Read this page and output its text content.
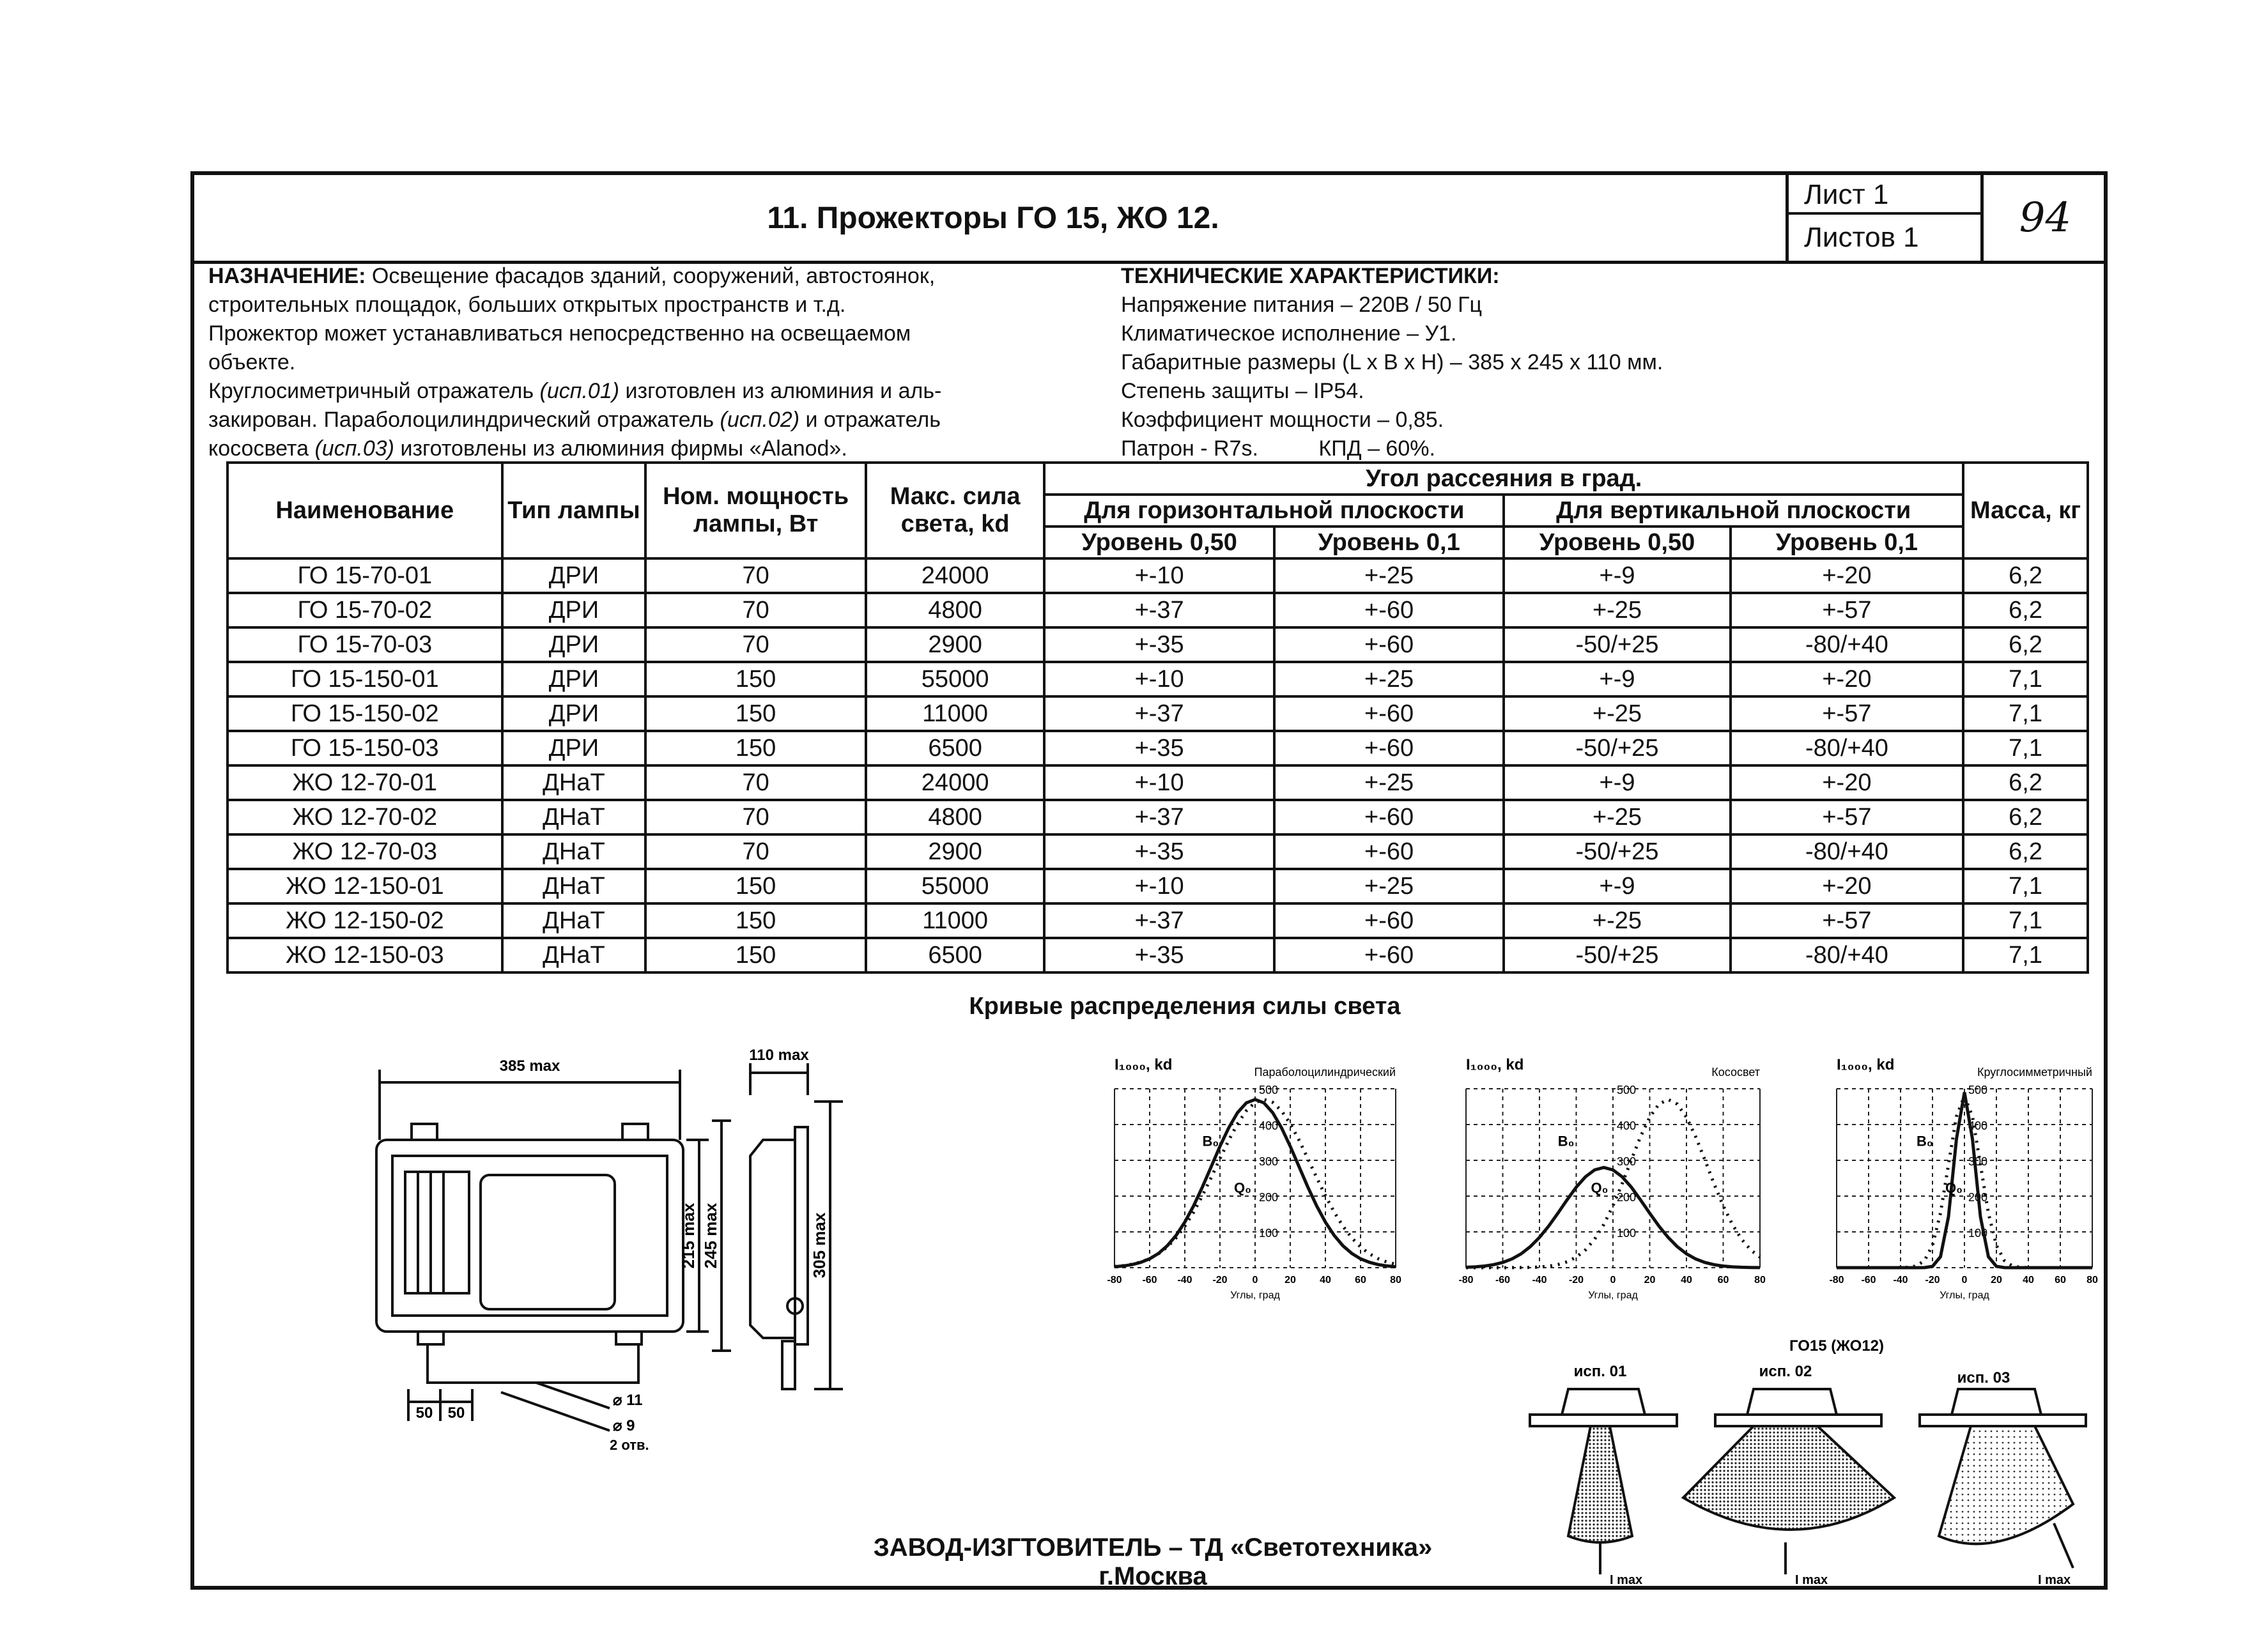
11. Прожекторы ГО 15, ЖО 12.
Лист 1
Листов 1	94
НАЗНАЧЕНИЕ: Освещение фасадов зданий, сооружений, автостоянок,
строительных площадок, больших открытых пространств и т.д.
Прожектор может устанавливаться непосредственно на освещаемом
объекте.
Круглосиметричный отражатель (исп.01) изготовлен из алюминия и аль-
закирован. Параболоцилиндрический отражатель (исп.02) и отражатель
кососвета (исп.03) изготовлены из алюминия фирмы «Alanod».
ТЕХНИЧЕСКИЕ ХАРАКТЕРИСТИКИ:
Напряжение питания – 220В / 50 Гц
Климатическое исполнение – У1.
Габаритные размеры (L x B x H) – 385 x 245 x 110 мм.
Степень защиты – IP54.
Коэффициент мощности – 0,85.
Патрон - R7s.          КПД – 60%.
Наименование	Тип лампы	Ном. мощность лампы, Вт	Макс. сила света, kd	Угол рассеяния в град.				Масса, кг
				Для горизонтальной плоскости		Для вертикальной плоскости		
				Уровень 0,50	Уровень 0,1	Уровень 0,50	Уровень 0,1	
ГО 15-70-01	ДРИ	70	24000	+-10	+-25	+-9	+-20	6,2
ГО 15-70-02	ДРИ	70	4800	+-37	+-60	+-25	+-57	6,2
ГО 15-70-03	ДРИ	70	2900	+-35	+-60	-50/+25	-80/+40	6,2
ГО 15-150-01	ДРИ	150	55000	+-10	+-25	+-9	+-20	7,1
ГО 15-150-02	ДРИ	150	11000	+-37	+-60	+-25	+-57	7,1
ГО 15-150-03	ДРИ	150	6500	+-35	+-60	-50/+25	-80/+40	7,1
ЖО 12-70-01	ДНаТ	70	24000	+-10	+-25	+-9	+-20	6,2
ЖО 12-70-02	ДНаТ	70	4800	+-37	+-60	+-25	+-57	6,2
ЖО 12-70-03	ДНаТ	70	2900	+-35	+-60	-50/+25	-80/+40	6,2
ЖО 12-150-01	ДНаТ	150	55000	+-10	+-25	+-9	+-20	7,1
ЖО 12-150-02	ДНаТ	150	11000	+-37	+-60	+-25	+-57	7,1
ЖО 12-150-03	ДНаТ	150	6500	+-35	+-60	-50/+25	-80/+40	7,1
Кривые распределения силы света
385 max
110 max
215 max 245 max	305 max
⌀ 11
⌀ 9
2 отв.
50 50
I₁₀₀₀, kd	Параболоцилиндрический
-80 -60 -40 -20 0	20 40 60 80
Углы, град
500
400
300
200
100
B₀
Q₀
I₁₀₀₀, kd	Кососвет
-80 -60 -40 -20	0	20 40 60 80
Углы, град
500
400
300
200
100
B₀
Q₀
I₁₀₀₀, kd	Круглосимметричный
-80 -60 -40 -20 0 20 40 60 80
Углы, град
500
400
300
200
100
B₀
Q₀
ГО15 (ЖО12)
исп. 01	исп. 02	исп. 03
I max	I max	I max
ЗАВОД-ИЗГТОВИТЕЛЬ – ТД «Светотехника» г.Москва
